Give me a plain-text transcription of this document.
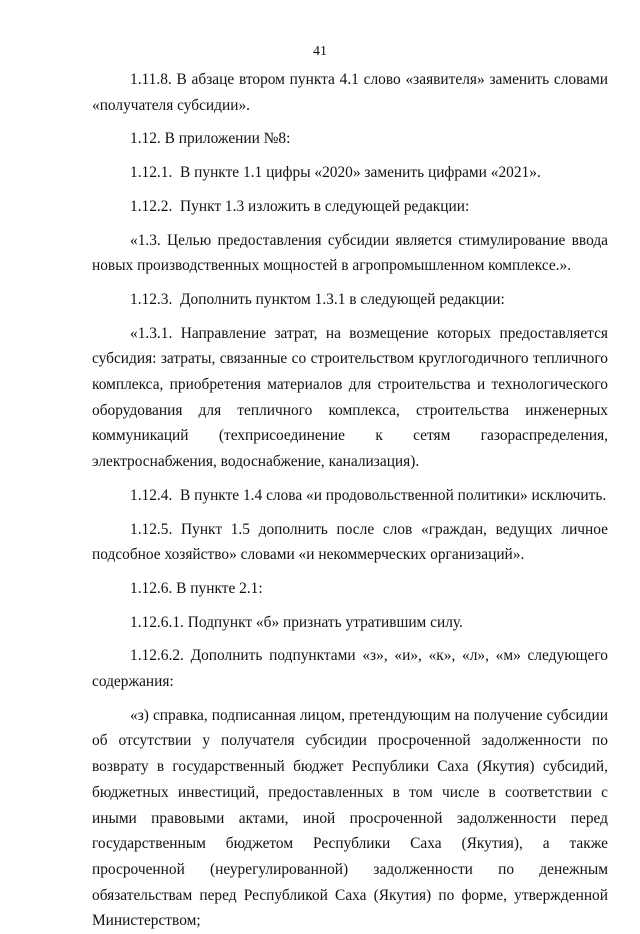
41

1.11.8. В абзаце втором пункта 4.1 слово «заявителя» заменить словами «получателя субсидии».

1.12. В приложении №8:

1.12.1.  В пункте 1.1 цифры «2020» заменить цифрами «2021».

1.12.2.  Пункт 1.3 изложить в следующей редакции:

«1.3. Целью предоставления субсидии является стимулирование ввода новых производственных мощностей в агропромышленном комплексе.».

1.12.3.  Дополнить пунктом 1.3.1 в следующей редакции:

«1.3.1. Направление затрат, на возмещение которых предоставляется субсидия: затраты, связанные со строительством круглогодичного тепличного комплекса, приобретения материалов для строительства и технологического оборудования для тепличного комплекса, строительства инженерных коммуникаций (техприсоединение к сетям газораспределения, электроснабжения, водоснабжение, канализация).

1.12.4.  В пункте 1.4 слова «и продовольственной политики» исключить.

1.12.5. Пункт 1.5 дополнить после слов «граждан, ведущих личное подсобное хозяйство» словами «и некоммерческих организаций».

1.12.6. В пункте 2.1:

1.12.6.1. Подпункт «б» признать утратившим силу.

1.12.6.2. Дополнить подпунктами «з», «и», «к», «л», «м» следующего содержания:

«з) справка, подписанная лицом, претендующим на получение субсидии об отсутствии у получателя субсидии просроченной задолженности по возврату в государственный бюджет Республики Саха (Якутия) субсидий, бюджетных инвестиций, предоставленных в том числе в соответствии с иными правовыми актами, иной просроченной задолженности перед государственным бюджетом Республики Саха (Якутия), а также просроченной (неурегулированной) задолженности по денежным обязательствам перед Республикой Саха (Якутия) по форме, утвержденной Министерством;
